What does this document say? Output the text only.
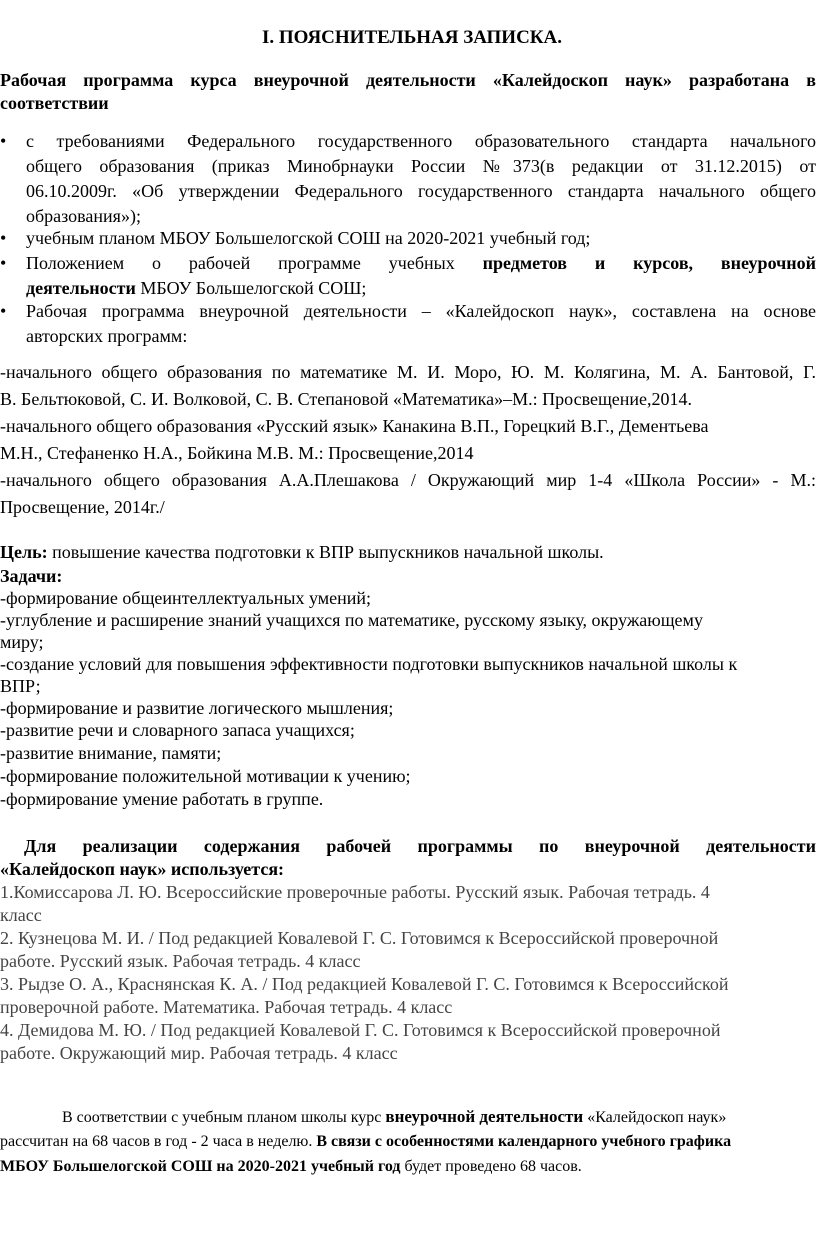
I. ПОЯСНИТЕЛЬНАЯ ЗАПИСКА.
Рабочая программа курса внеурочной деятельности «Калейдоскоп наук» разработана в
соответствии
• с требованиями Федерального государственного образовательного стандарта начального
общего образования (приказ Минобрнауки России №373(в редакции от 31.12.2015) от
06.10.2009г. «Об утверждении Федерального государственного стандарта начального общего
образования»);
• учебным планом МБОУ Большелогской СОШ на 2020-2021 учебный год;
• Положением о рабочей программе учебных предметов и курсов, внеурочной
деятельности МБОУ Большелогской СОШ;
• Рабочая программа внеурочной деятельности – «Калейдоскоп наук», составлена на основе
авторских программ:
-начального общего образования по математике М. И. Моро, Ю. М. Колягина, М. А. Бантовой, Г.
В. Бельтюковой, С. И. Волковой, С. В. Степановой «Математика»–М.: Просвещение,2014.
-начального общего образования «Русский язык» Канакина В.П., Горецкий В.Г., Дементьева
М.Н., Стефаненко Н.А., Бойкина М.В. М.: Просвещение,2014
-начального общего образования А.А.Плешакова / Окружающий мир 1-4 «Школа России» - М.:
Просвещение, 2014г./
Цель: повышение качества подготовки к ВПР выпускников начальной школы.
Задачи:
-формирование общеинтеллектуальных умений;
-углубление и расширение знаний учащихся по математике, русскому языку, окружающему
миру;
-создание условий для повышения эффективности подготовки выпускников начальной школы к
ВПР;
-формирование и развитие логического мышления;
-развитие речи и словарного запаса учащихся;
-развитие внимание, памяти;
-формирование положительной мотивации к учению;
-формирование умение работать в группе.
Для реализации содержания рабочей программы по внеурочной деятельности
«Калейдоскоп наук» используется:
1.Комиссарова Л. Ю. Всероссийские проверочные работы. Русский язык. Рабочая тетрадь. 4
класс
2. Кузнецова М. И. / Под редакцией Ковалевой Г. С. Готовимся к Всероссийской проверочной
работе. Русский язык. Рабочая тетрадь. 4 класс
3. Рыдзе О. А., Краснянская К. А. / Под редакцией Ковалевой Г. С. Готовимся к Всероссийской
проверочной работе. Математика. Рабочая тетрадь. 4 класс
4. Демидова М. Ю. / Под редакцией Ковалевой Г. С. Готовимся к Всероссийской проверочной
работе. Окружающий мир. Рабочая тетрадь. 4 класс
В соответствии с учебным планом школы курс внеурочной деятельности «Калейдоскоп наук»
рассчитан на 68 часов в год - 2 часа в неделю. В связи с особенностями календарного учебного графика
МБОУ Большелогской СОШ на 2020-2021 учебный год будет проведено 68 часов.
